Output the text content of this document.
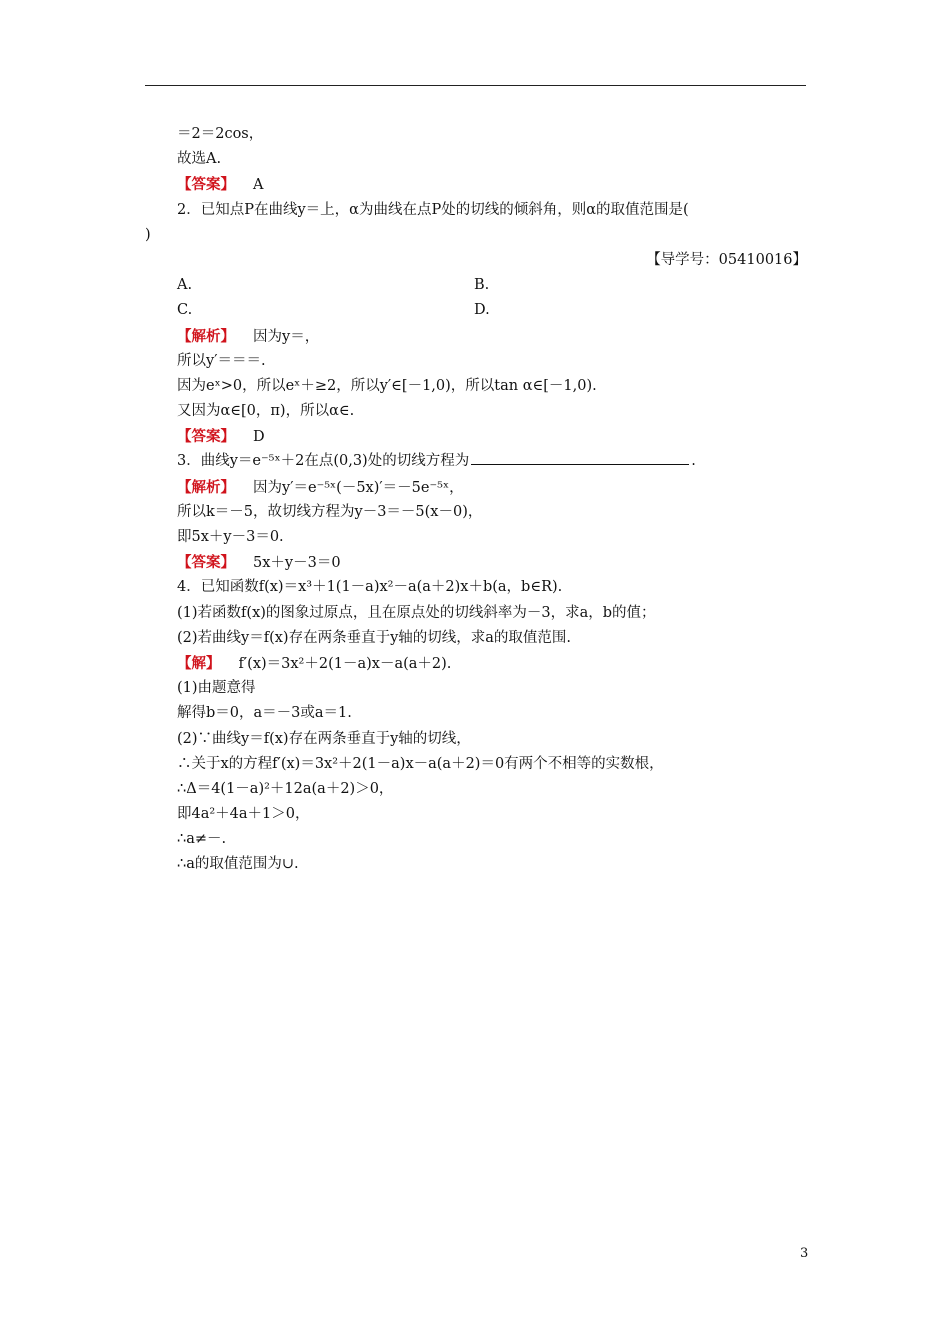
＝2＝2cos，
故选A.
【答案】 A
2．已知点P在曲线y＝上，α为曲线在点P处的切线的倾斜角，则α的取值范围是(
)
【导学号：05410016】
A.	B.
C.	D.
【解析】 因为y＝，
所以y′＝＝＝.
因为eˣ>0，所以eˣ＋≥2，所以y′∈[－1,0)，所以tan α∈[－1,0).
又因为α∈[0，π)，所以α∈.
【答案】 D
3．曲线y＝e⁻⁵ˣ＋2在点(0,3)处的切线方程为	.
【解析】 因为y′＝e⁻⁵ˣ(－5x)′＝－5e⁻⁵ˣ，
所以k＝－5，故切线方程为y－3＝－5(x－0)，
即5x＋y－3＝0.
【答案】 5x＋y－3＝0
4．已知函数f(x)＝x³＋1(1－a)x²－a(a＋2)x＋b(a，b∈R).
(1)若函数f(x)的图象过原点，且在原点处的切线斜率为－3，求a，b的值；
(2)若曲线y＝f(x)存在两条垂直于y轴的切线，求a的取值范围.
【解】 f′(x)＝3x²＋2(1－a)x－a(a＋2).
(1)由题意得
解得b＝0，a＝－3或a＝1.
(2)∵曲线y＝f(x)存在两条垂直于y轴的切线，
∴关于x的方程f′(x)＝3x²＋2(1－a)x－a(a＋2)＝0有两个不相等的实数根，
∴Δ＝4(1－a)²＋12a(a＋2)＞0，
即4a²＋4a＋1＞0，
∴a≠－.
∴a的取值范围为∪.
3
